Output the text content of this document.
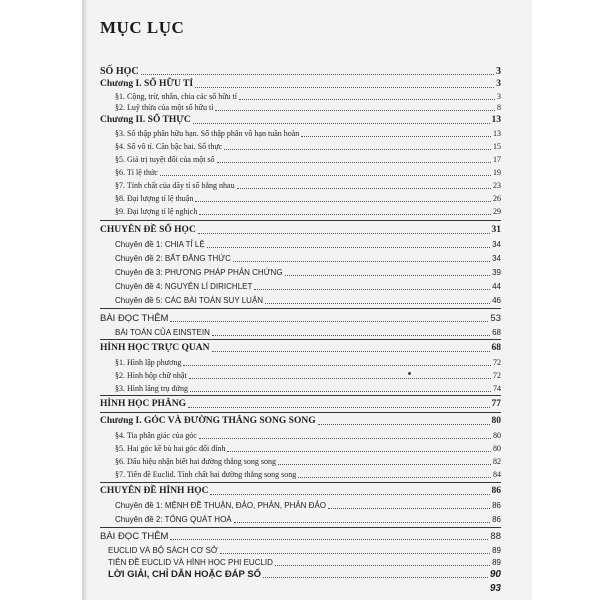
MỤC LỤC
SỐ HỌC	3
Chương I. SỐ HỮU TỈ	3
§1. Cộng, trừ, nhân, chia các số hữu tỉ	3
§2. Luỹ thừa của một số hữu tỉ	8
Chương II. SỐ THỰC	13
§3. Số thập phân hữu hạn. Số thập phân vô hạn tuần hoàn	13
§4. Số vô tỉ. Căn bậc hai. Số thực	15
§5. Giá trị tuyệt đối của một số	17
§6. Tỉ lệ thức	19
§7. Tính chất của dãy tỉ số bằng nhau	23
§8. Đại lượng tỉ lệ thuận	26
§9. Đại lượng tỉ lệ nghịch	29
CHUYÊN ĐỀ SỐ HỌC	31
Chuyên đề 1: CHIA TỈ LỆ	34
Chuyên đề 2: BẤT ĐẲNG THỨC	34
Chuyên đề 3: PHƯƠNG PHÁP PHẢN CHỨNG	39
Chuyên đề 4: NGUYÊN LÍ DIRICHLET	44
Chuyên đề 5: CÁC BÀI TOÁN SUY LUẬN	46
BÀI ĐỌC THÊM	53
BÀI TOÁN CỦA EINSTEIN	68
HÌNH HỌC TRỰC QUAN	68
§1. Hình lập phương	72
§2. Hình hộp chữ nhật	72
§3. Hình lăng trụ đứng	74
HÌNH HỌC PHẲNG	77
Chương I. GÓC VÀ ĐƯỜNG THẲNG SONG SONG	80
§4. Tia phân giác của góc	80
§5. Hai góc kề bù hai góc đối đỉnh	80
§6. Dấu hiệu nhận biết hai đường thẳng song song	82
§7. Tiên đề Euclid. Tính chất hai đường thẳng song song	84
CHUYÊN ĐỀ HÌNH HỌC	86
Chuyên đề 1: MỆNH ĐỀ THUẬN, ĐẢO, PHẢN, PHẢN ĐẢO	86
Chuyên đề 2: TỔNG QUÁT HOÁ	86
BÀI ĐỌC THÊM	88
EUCLID VÀ BỘ SÁCH CƠ SỞ	89
TIÊN ĐỀ EUCLID VÀ HÌNH HỌC PHI EUCLID	89
LỜI GIẢI, CHỈ DẪN HOẶC ĐÁP SỐ	90
93
